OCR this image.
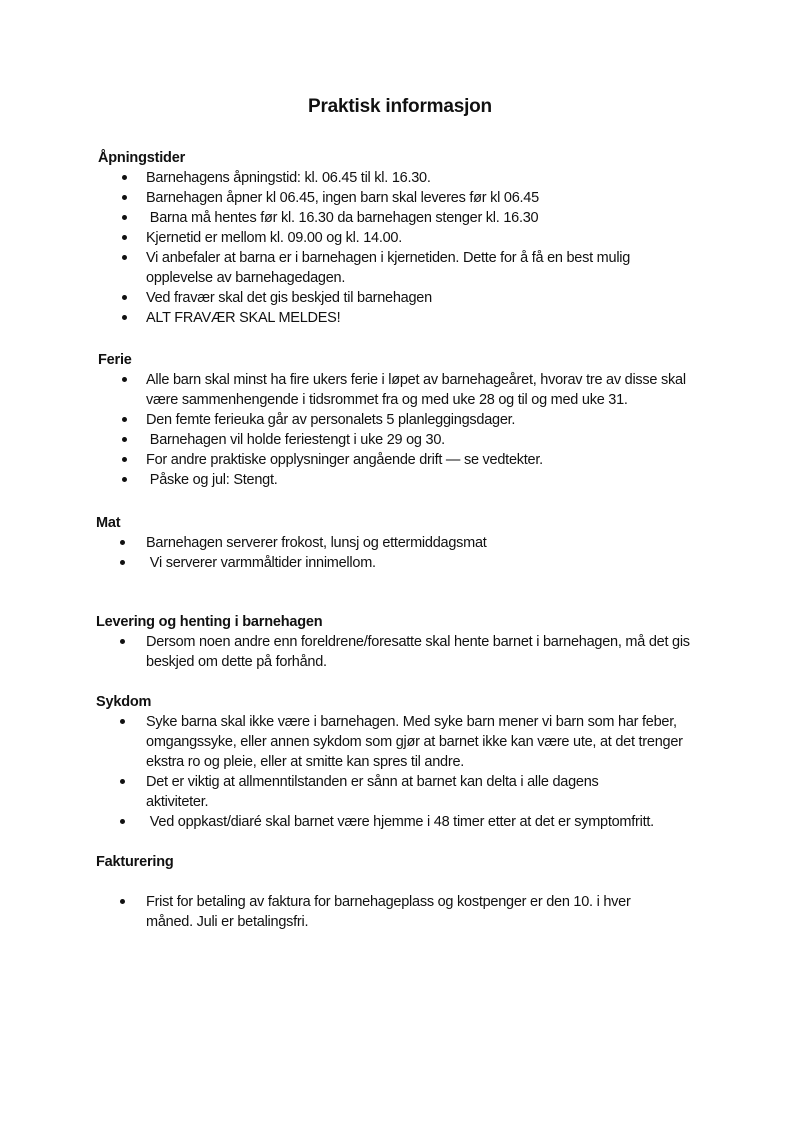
Praktisk informasjon
Åpningstider
Barnehagens åpningstid: kl. 06.45 til kl. 16.30.
Barnehagen åpner kl 06.45, ingen barn skal leveres før kl 06.45
Barna må hentes før kl. 16.30 da barnehagen stenger kl. 16.30
Kjernetid er mellom kl. 09.00 og kl. 14.00.
Vi anbefaler at barna er i barnehagen i kjernetiden. Dette for å få en best mulig opplevelse av barnehagedagen.
Ved fravær skal det gis beskjed til barnehagen
ALT FRAVÆR SKAL MELDES!
Ferie
Alle barn skal minst ha fire ukers ferie i løpet av barnehageåret, hvorav tre av disse skal være sammenhengende i tidsrommet fra og med uke 28 og til og med uke 31.
Den femte ferieuka går av personalets 5 planleggingsdager.
Barnehagen vil holde feriestengt i uke 29 og 30.
For andre praktiske opplysninger angående drift — se vedtekter.
Påske og jul: Stengt.
Mat
Barnehagen serverer frokost, lunsj og ettermiddagsmat
Vi serverer varmmåltider innimellom.
Levering og henting i barnehagen
Dersom noen andre enn foreldrene/foresatte skal hente barnet i barnehagen, må det gis beskjed om dette på forhånd.
Sykdom
Syke barna skal ikke være i barnehagen. Med syke barn mener vi barn som har feber, omgangssyke, eller annen sykdom som gjør at barnet ikke kan være ute, at det trenger ekstra ro og pleie, eller at smitte kan spres til andre.
Det er viktig at allmenntilstanden er sånn at barnet kan delta i alle dagens aktiviteter.
Ved oppkast/diaré skal barnet være hjemme i 48 timer etter at det er symptomfritt.
Fakturering
Frist for betaling av faktura for barnehageplass og kostpenger er den 10. i hver måned. Juli er betalingsfri.
